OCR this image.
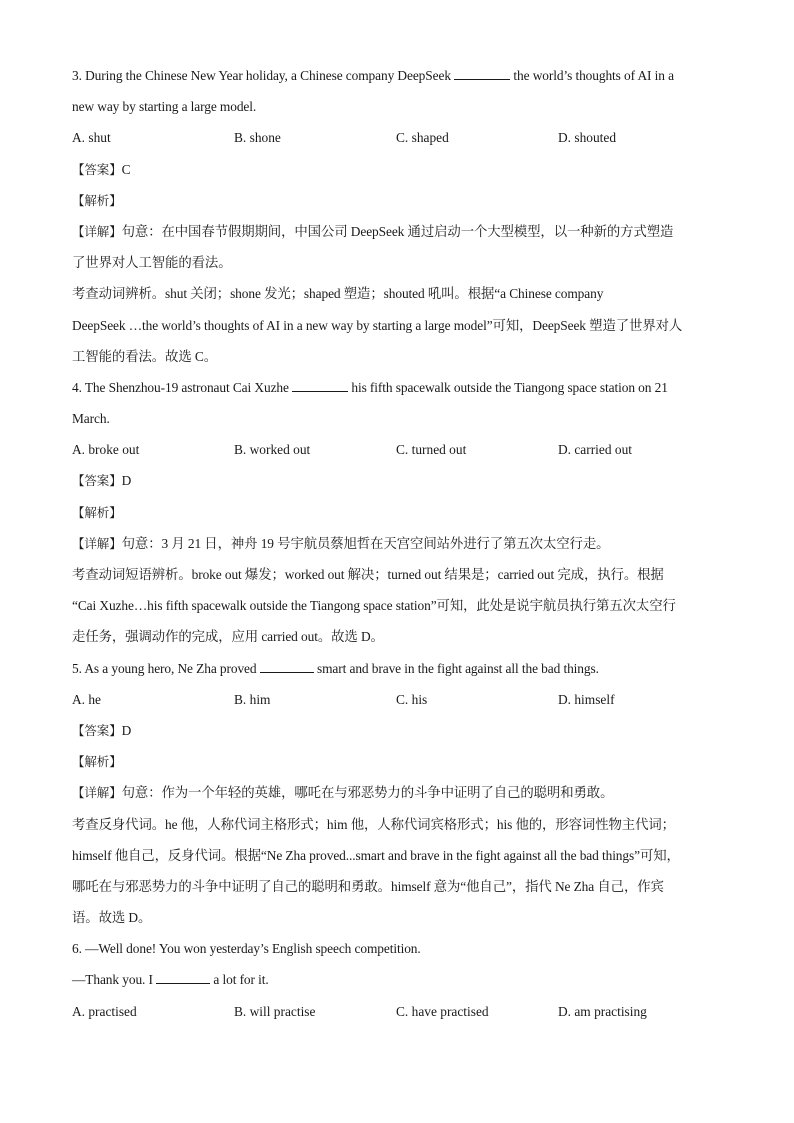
3. During the Chinese New Year holiday, a Chinese company DeepSeek	the world’s thoughts of AI in a
new way by starting a large model.
A. shut	B. shone	C. shaped	D. shouted
【答案】C
【解析】
【详解】句意：在中国春节假期期间，中国公司 DeepSeek 通过启动一个大型模型，以一种新的方式塑造
了世界对人工智能的看法。
考查动词辨析。shut 关闭；shone 发光；shaped 塑造；shouted 吼叫。根据“a Chinese company
DeepSeek …the world’s thoughts of AI in a new way by starting a large model”可知，DeepSeek 塑造了世界对人
工智能的看法。故选 C。
4. The Shenzhou-19 astronaut Cai Xuzhe	his fifth spacewalk outside the Tiangong space station on 21
March.
A. broke out	B. worked out	C. turned out	D. carried out
【答案】D
【解析】
【详解】句意：3 月 21 日，神舟 19 号宇航员蔡旭哲在天宫空间站外进行了第五次太空行走。
考查动词短语辨析。broke out 爆发；worked out 解决；turned out 结果是；carried out 完成，执行。根据
“Cai Xuzhe…his fifth spacewalk outside the Tiangong space station”可知，此处是说宇航员执行第五次太空行
走任务，强调动作的完成，应用 carried out。故选 D。
5. As a young hero, Ne Zha proved	smart and brave in the fight against all the bad things.
A. he	B. him	C. his	D. himself
【答案】D
【解析】
【详解】句意：作为一个年轻的英雄，哪吒在与邪恶势力的斗争中证明了自己的聪明和勇敢。
考查反身代词。he 他，人称代词主格形式；him 他，人称代词宾格形式；his 他的，形容词性物主代词；
himself 他自己，反身代词。根据“Ne Zha proved...smart and brave in the fight against all the bad things”可知，
哪吒在与邪恶势力的斗争中证明了自己的聪明和勇敢。himself 意为“他自己”，指代 Ne Zha 自己，作宾
语。故选 D。
6. —Well done! You won yesterday’s English speech competition.
—Thank you. I	a lot for it.
A. practised	B. will practise	C. have practised	D. am practising
